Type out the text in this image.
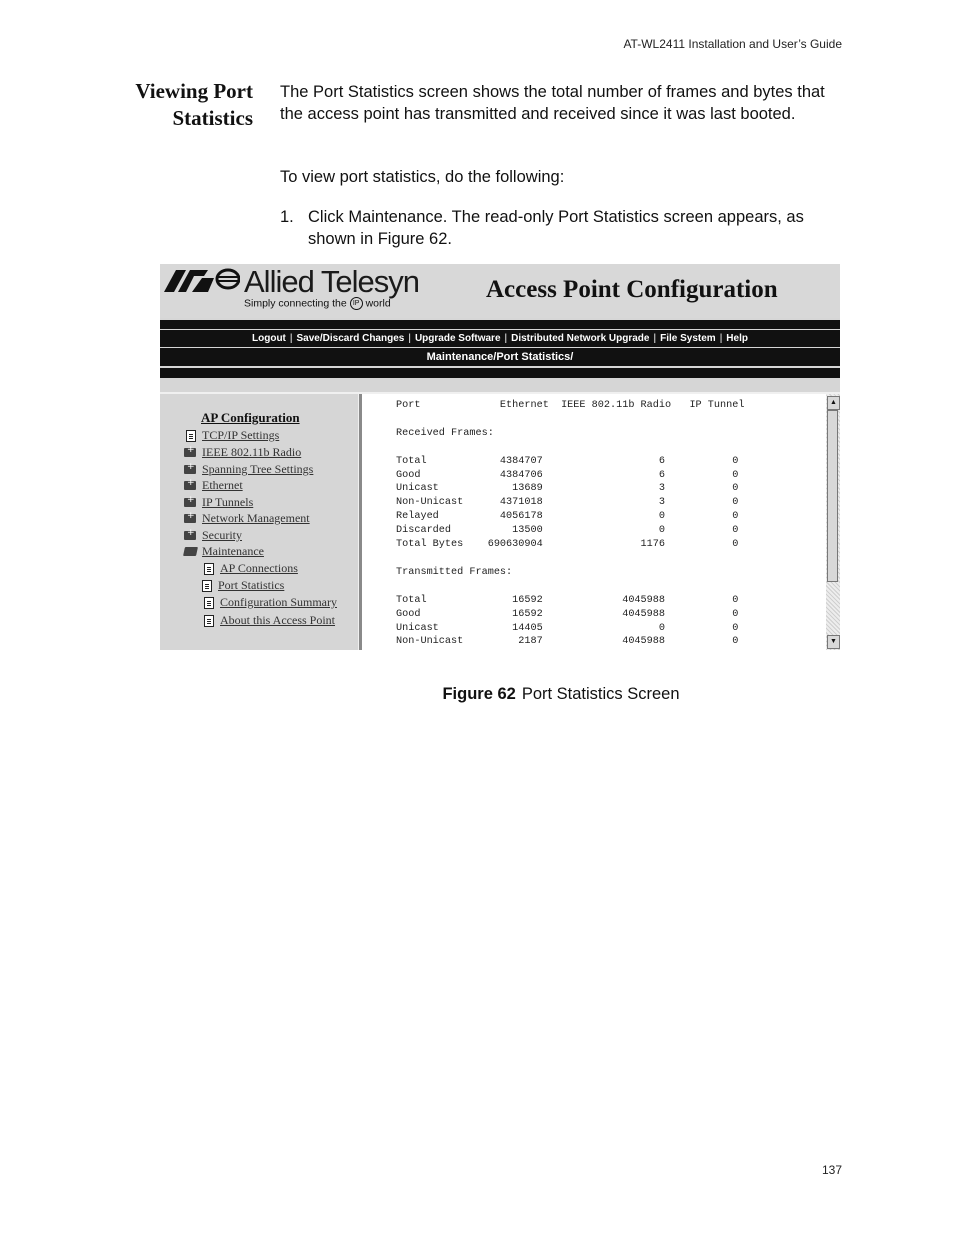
AT-WL2411 Installation and User’s Guide
Viewing Port
Statistics
The Port Statistics screen shows the total number of frames and bytes that the access point has transmitted and received since it was last booted.
To view port statistics, do the following:
1. Click Maintenance. The read-only Port Statistics screen appears, as shown in Figure 62.
Allied Telesyn
Simply connecting the IP world
Access Point Configuration
Logout | Save/Discard Changes | Upgrade Software | Distributed Network Upgrade | File System | Help
Maintenance/Port Statistics/
AP Configuration
TCP/IP Settings
+
IEEE 802.11b Radio
+
Spanning Tree Settings
+
Ethernet
+
IP Tunnels
+
Network Management
+
Security
Maintenance
AP Connections
Port Statistics
Configuration Summary
About this Access Point
Port             Ethernet  IEEE 802.11b Radio   IP Tunnel

Received Frames:

Total            4384707                   6           0
Good             4384706                   6           0
Unicast            13689                   3           0
Non-Unicast      4371018                   3           0
Relayed          4056178                   0           0
Discarded          13500                   0           0
Total Bytes    690630904                1176           0

Transmitted Frames:

Total              16592             4045988           0
Good               16592             4045988           0
Unicast            14405                   0           0
Non-Unicast         2187             4045988           0
▲
▼
Figure 62 Port Statistics Screen
137
